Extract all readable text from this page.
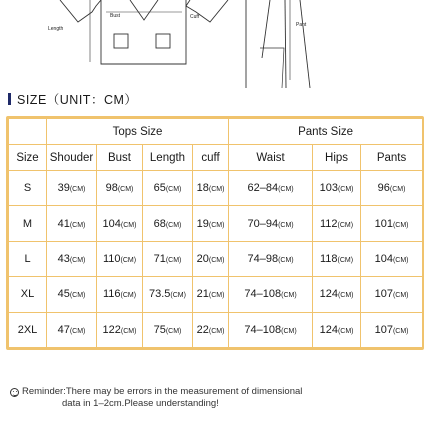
Bust	Cuff
Length
Pant
SIZE（UNIT：CM）
	Tops Size				Pants Size		
Size	Shouder	Bust	Length	cuff	Waist	Hips	Pants
S	39(CM)	98(CM)	65(CM)	18(CM)	62–84(CM)	103(CM)	96(CM)
M	41(CM)	104(CM)	68(CM)	19(CM)	70–94(CM)	112(CM)	101(CM)
L	43(CM)	110(CM)	71(CM)	20(CM)	74–98(CM)	118(CM)	104(CM)
XL	45(CM)	116(CM)	73.5(CM)	21(CM)	74–108(CM)	124(CM)	107(CM)
2XL	47(CM)	122(CM)	75(CM)	22(CM)	74–108(CM)	124(CM)	107(CM)
Reminder:There may be errors in the measurement of dimensional
data in 1–2cm.Please understanding!
